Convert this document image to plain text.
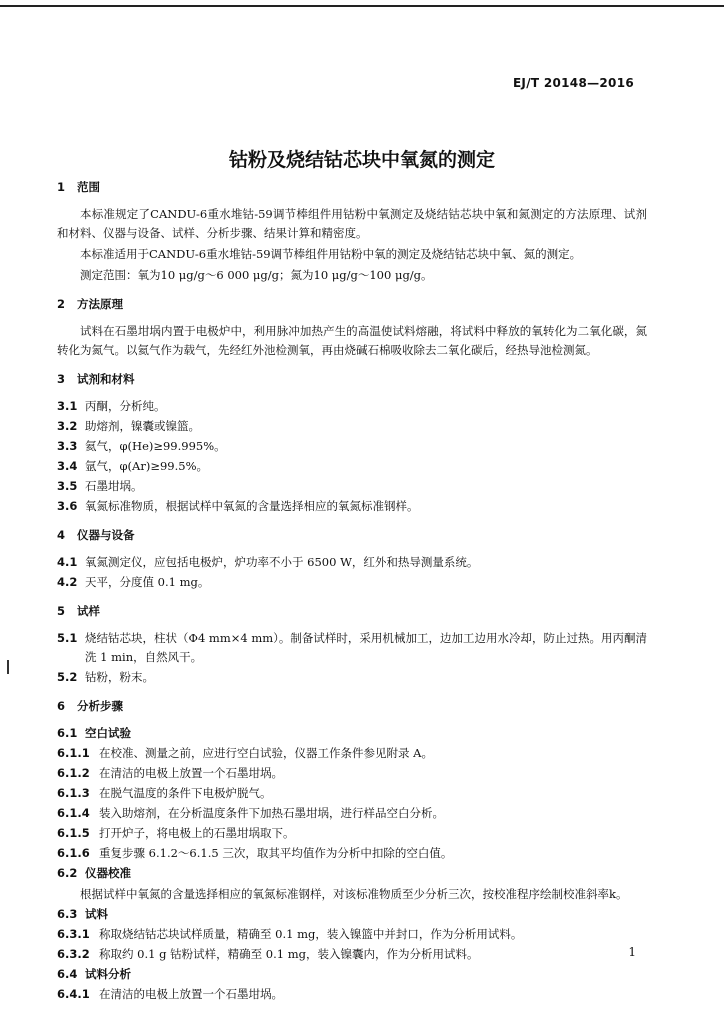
EJ/T 20148—2016
钴粉及烧结钴芯块中氧氮的测定
1 范围
本标准规定了CANDU-6重水堆钴-59调节棒组件用钴粉中氧测定及烧结钴芯块中氧和氮测定的方法原理、试剂和材料、仪器与设备、试样、分析步骤、结果计算和精密度。
本标准适用于CANDU-6重水堆钴-59调节棒组件用钴粉中氧的测定及烧结钴芯块中氧、氮的测定。
测定范围：氧为10 μg/g～6 000 μg/g；氮为10 μg/g～100 μg/g。
2 方法原理
试料在石墨坩埚内置于电极炉中，利用脉冲加热产生的高温使试料熔融，将试料中释放的氧转化为二氧化碳，氮转化为氮气。以氦气作为载气，先经红外池检测氧，再由烧碱石棉吸收除去二氧化碳后，经热导池检测氮。
3 试剂和材料
3.1 丙酮，分析纯。
3.2 助熔剂，镍囊或镍篮。
3.3 氦气，φ(He)≥99.995%。
3.4 氩气，φ(Ar)≥99.5%。
3.5 石墨坩埚。
3.6 氧氮标准物质，根据试样中氧氮的含量选择相应的氧氮标准钢样。
4 仪器与设备
4.1 氧氮测定仪，应包括电极炉，炉功率不小于 6500 W，红外和热导测量系统。
4.2 天平，分度值 0.1 mg。
5 试样
5.1 烧结钴芯块，柱状（Φ4 mm×4 mm）。制备试样时，采用机械加工，边加工边用水冷却，防止过热。用丙酮清洗 1 min，自然风干。
5.2 钴粉，粉末。
6 分析步骤
6.1 空白试验
6.1.1 在校准、测量之前，应进行空白试验，仪器工作条件参见附录 A。
6.1.2 在清洁的电极上放置一个石墨坩埚。
6.1.3 在脱气温度的条件下电极炉脱气。
6.1.4 装入助熔剂，在分析温度条件下加热石墨坩埚，进行样品空白分析。
6.1.5 打开炉子，将电极上的石墨坩埚取下。
6.1.6 重复步骤 6.1.2～6.1.5 三次，取其平均值作为分析中扣除的空白值。
6.2 仪器校准
根据试样中氧氮的含量选择相应的氧氮标准钢样，对该标准物质至少分析三次，按校准程序绘制校准斜率k。
6.3 试料
6.3.1 称取烧结钴芯块试样质量，精确至 0.1 mg，装入镍篮中并封口，作为分析用试料。
6.3.2 称取约 0.1 g 钴粉试样，精确至 0.1 mg，装入镍囊内，作为分析用试料。
6.4 试料分析
6.4.1 在清洁的电极上放置一个石墨坩埚。
1
